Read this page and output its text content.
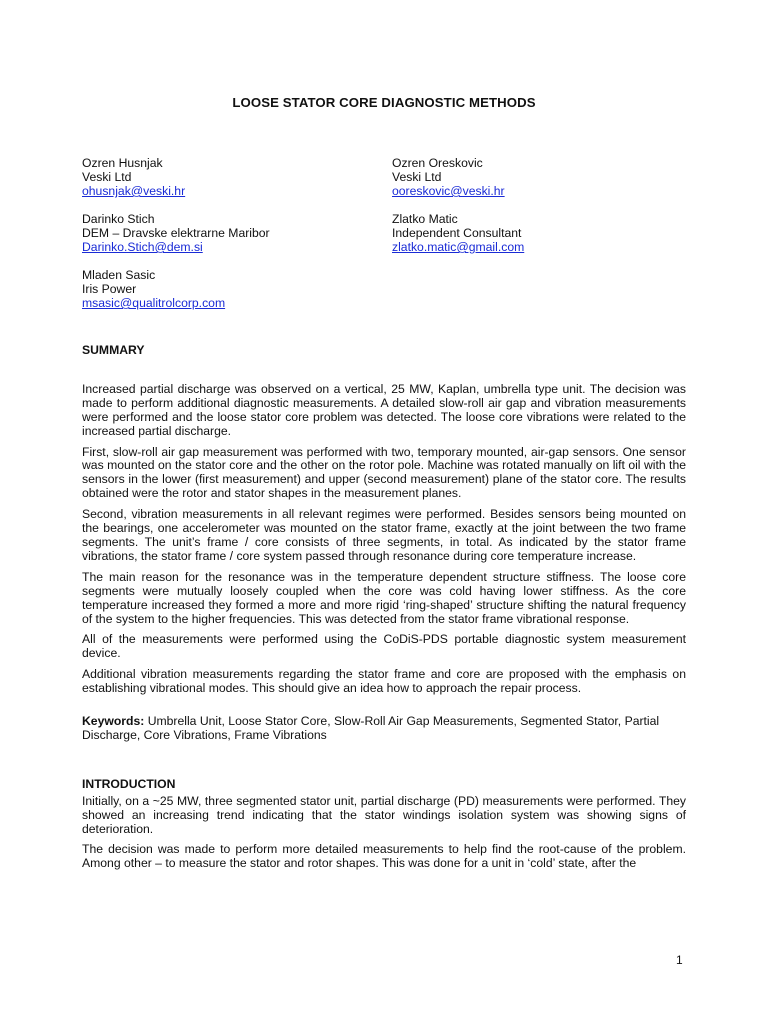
LOOSE STATOR CORE DIAGNOSTIC METHODS
Ozren Husnjak
Veski Ltd
ohusnjak@veski.hr
Ozren Oreskovic
Veski Ltd
ooreskovic@veski.hr
Darinko Stich
DEM – Dravske elektrarne Maribor
Darinko.Stich@dem.si
Zlatko Matic
Independent Consultant
zlatko.matic@gmail.com
Mladen Sasic
Iris Power
msasic@qualitrolcorp.com
SUMMARY

Increased partial discharge was observed on a vertical, 25 MW, Kaplan, umbrella type unit. The decision was made to perform additional diagnostic measurements. A detailed slow-roll air gap and vibration measurements were performed and the loose stator core problem was detected. The loose core vibrations were related to the increased partial discharge.

First, slow-roll air gap measurement was performed with two, temporary mounted, air-gap sensors. One sensor was mounted on the stator core and the other on the rotor pole. Machine was rotated manually on lift oil with the sensors in the lower (first measurement) and upper (second measurement) plane of the stator core. The results obtained were the rotor and stator shapes in the measurement planes.

Second, vibration measurements in all relevant regimes were performed. Besides sensors being mounted on the bearings, one accelerometer was mounted on the stator frame, exactly at the joint between the two frame segments. The unit’s frame / core consists of three segments, in total. As indicated by the stator frame vibrations, the stator frame / core system passed through resonance during core temperature increase.

The main reason for the resonance was in the temperature dependent structure stiffness. The loose core segments were mutually loosely coupled when the core was cold having lower stiffness. As the core temperature increased they formed a more and more rigid ‘ring-shaped’ structure shifting the natural frequency of the system to the higher frequencies. This was detected from the stator frame vibrational response.

All of the measurements were performed using the CoDiS-PDS portable diagnostic system measurement device.

Additional vibration measurements regarding the stator frame and core are proposed with the emphasis on establishing vibrational modes. This should give an idea how to approach the repair process.

Keywords: Umbrella Unit, Loose Stator Core, Slow-Roll Air Gap Measurements, Segmented Stator, Partial Discharge, Core Vibrations, Frame Vibrations

INTRODUCTION

Initially, on a ~25 MW, three segmented stator unit, partial discharge (PD) measurements were performed. They showed an increasing trend indicating that the stator windings isolation system was showing signs of deterioration.

The decision was made to perform more detailed measurements to help find the root-cause of the problem. Among other – to measure the stator and rotor shapes. This was done for a unit in ‘cold’ state, after the

1
